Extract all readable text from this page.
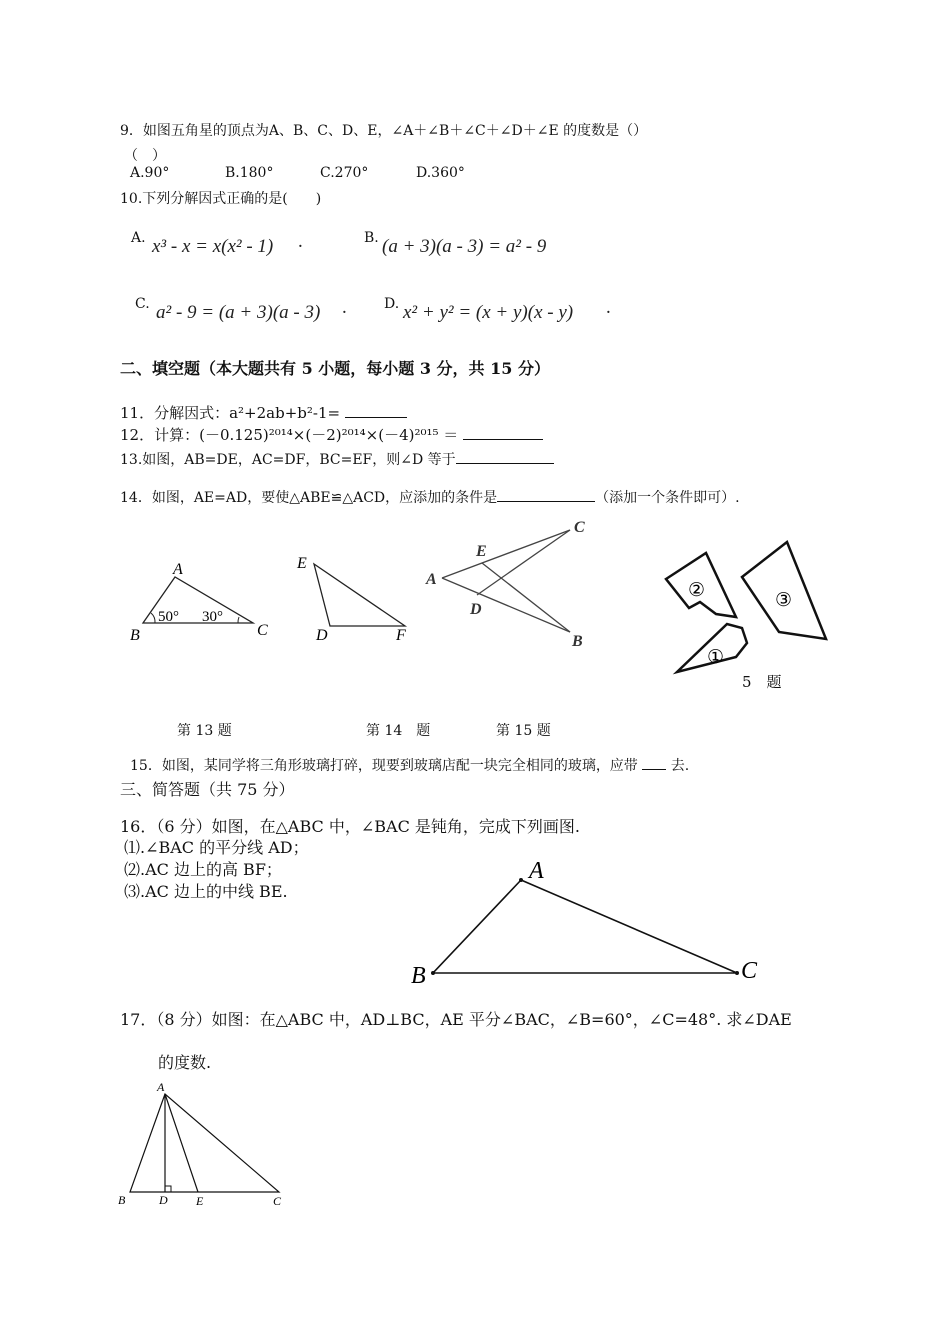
9．如图五角星的顶点为A、B、C、D、E，∠A＋∠B＋∠C＋∠D＋∠E 的度数是（）
（　）
A.90°	B.180°	C.270°	D.360°
10.下列分解因式正确的是(　　)
A. x³ - x = x(x² - 1) .	B. (a + 3)(a - 3) = a² - 9
C. a² - 9 = (a + 3)(a - 3) .	D. x² + y² = (x + y)(x - y) .
二、填空题（本大题共有 5 小题，每小题 3 分，共 15 分）
11．分解因式：a²+2ab+b²-1=
12．计算：(－0.125)²⁰¹⁴×(－2)²⁰¹⁴×(－4)²⁰¹⁵ ＝
13.如图，AB=DE，AC=DF，BC=EF，则∠D 等于
14．如图，AE=AD，要使△ABE≌△ACD，应添加的条件是	（添加一个条件即可）.
A
B	C
50° 30°
E
D	F
A
E
D
C
B
②	③
①
5　题
第 13 题	第 14　题	第 15 题
15．如图，某同学将三角形玻璃打碎，现要到玻璃店配一块完全相同的玻璃，应带  去.
三、简答题（共 75 分）
16．（6 分）如图，在△ABC 中，∠BAC 是钝角，完成下列画图.
⑴.∠BAC 的平分线 AD；
⑵.AC 边上的高 BF；
⑶.AC 边上的中线 BE.
A
B	C
17．（8 分）如图：在△ABC 中，AD⊥BC，AE 平分∠BAC，∠B=60°，∠C=48°. 求∠DAE
的度数.
A
B	D E	C
